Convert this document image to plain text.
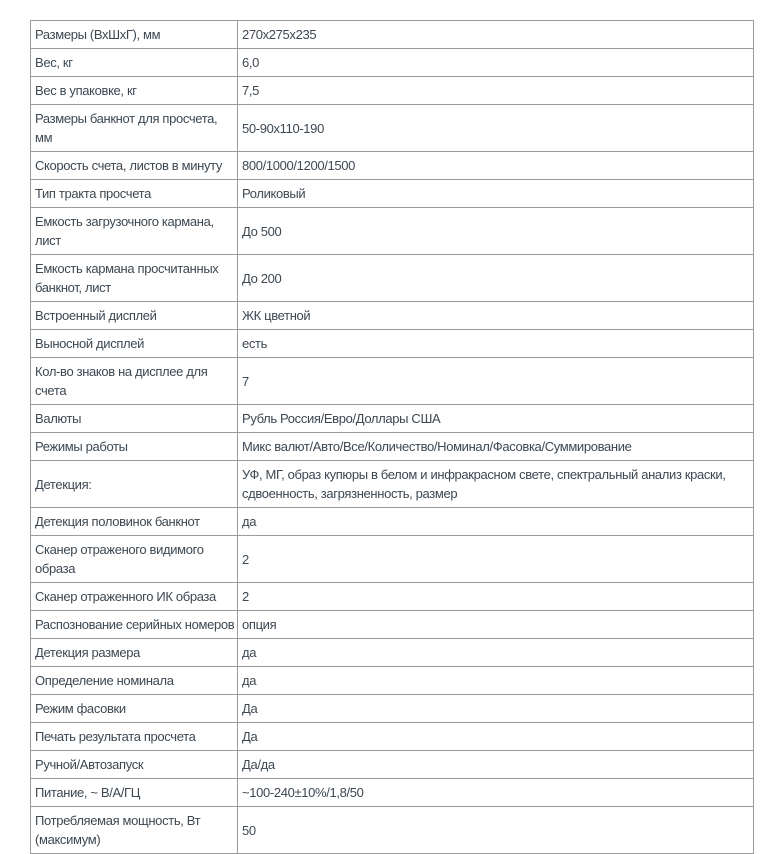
Размеры (ВхШхГ), мм	270х275х235
Вес, кг	6,0
Вес в упаковке, кг	7,5
Размеры банкнот для просчета, мм	50-90х110-190
Скорость счета, листов в минуту	800/1000/1200/1500
Тип тракта просчета	Роликовый
Емкость загрузочного кармана, лист	До 500
Емкость кармана просчитанных банкнот, лист	До 200
Встроенный дисплей	ЖК цветной
Выносной дисплей	есть
Кол-во знаков на дисплее для счета	7
Валюты	Рубль Россия/Евро/Доллары США
Режимы работы	Микс валют/Авто/Все/Количество/Номинал/Фасовка/Суммирование
Детекция:	УФ, МГ, образ купюры в белом и инфракрасном свете, спектральный анализ краски, сдвоенность, загрязненность, размер
Детекция половинок банкнот	да
Сканер отраженого видимого образа	2
Сканер отраженного ИК образа	2
Распознование серийных номеров	опция
Детекция размера	да
Определение номинала	да
Режим фасовки	Да
Печать результата просчета	Да
Ручной/Автозапуск	Да/да
Питание, ~ В/А/ГЦ	~100-240±10%/1,8/50
Потребляемая мощность, Вт (максимум)	50
